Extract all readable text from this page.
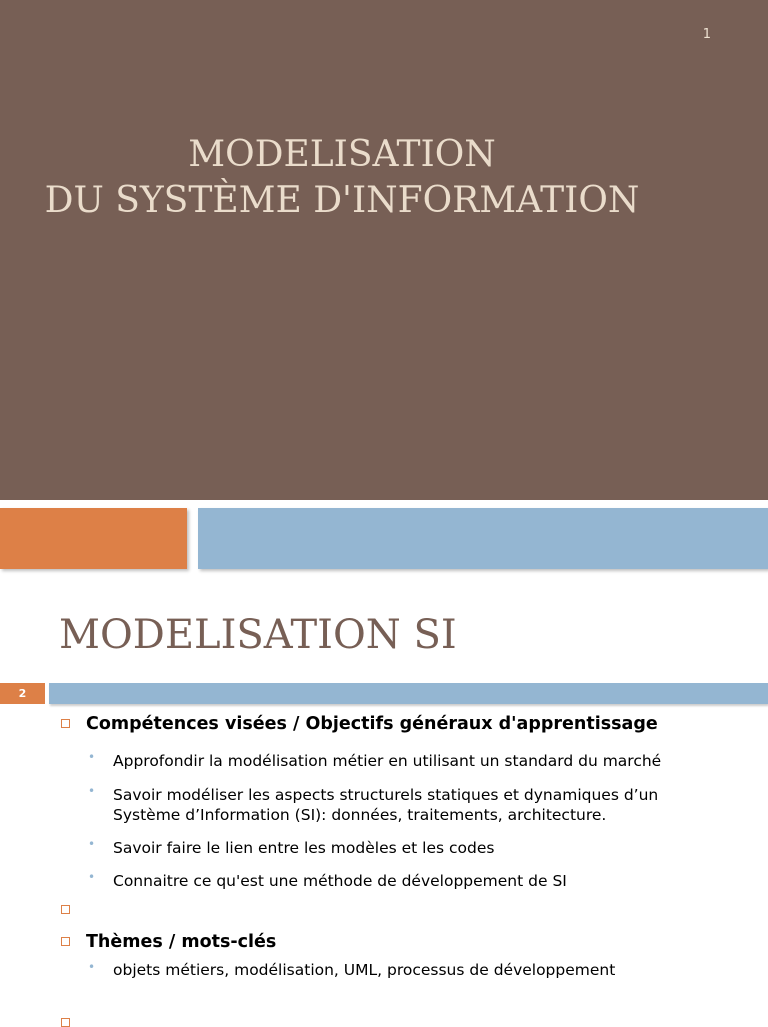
1
MODELISATION
DU SYSTÈME D'INFORMATION
MODELISATION SI
2
Compétences visées / Objectifs généraux d'apprentissage
• Approfondir la modélisation métier en utilisant un standard du marché
• Savoir modéliser les aspects structurels statiques et dynamiques d’un
Système d’Information (SI): données, traitements, architecture.
• Savoir faire le lien entre les modèles et les codes
• Connaitre ce qu'est une méthode de développement de SI
Thèmes / mots-clés
• objets métiers, modélisation, UML, processus de développement
